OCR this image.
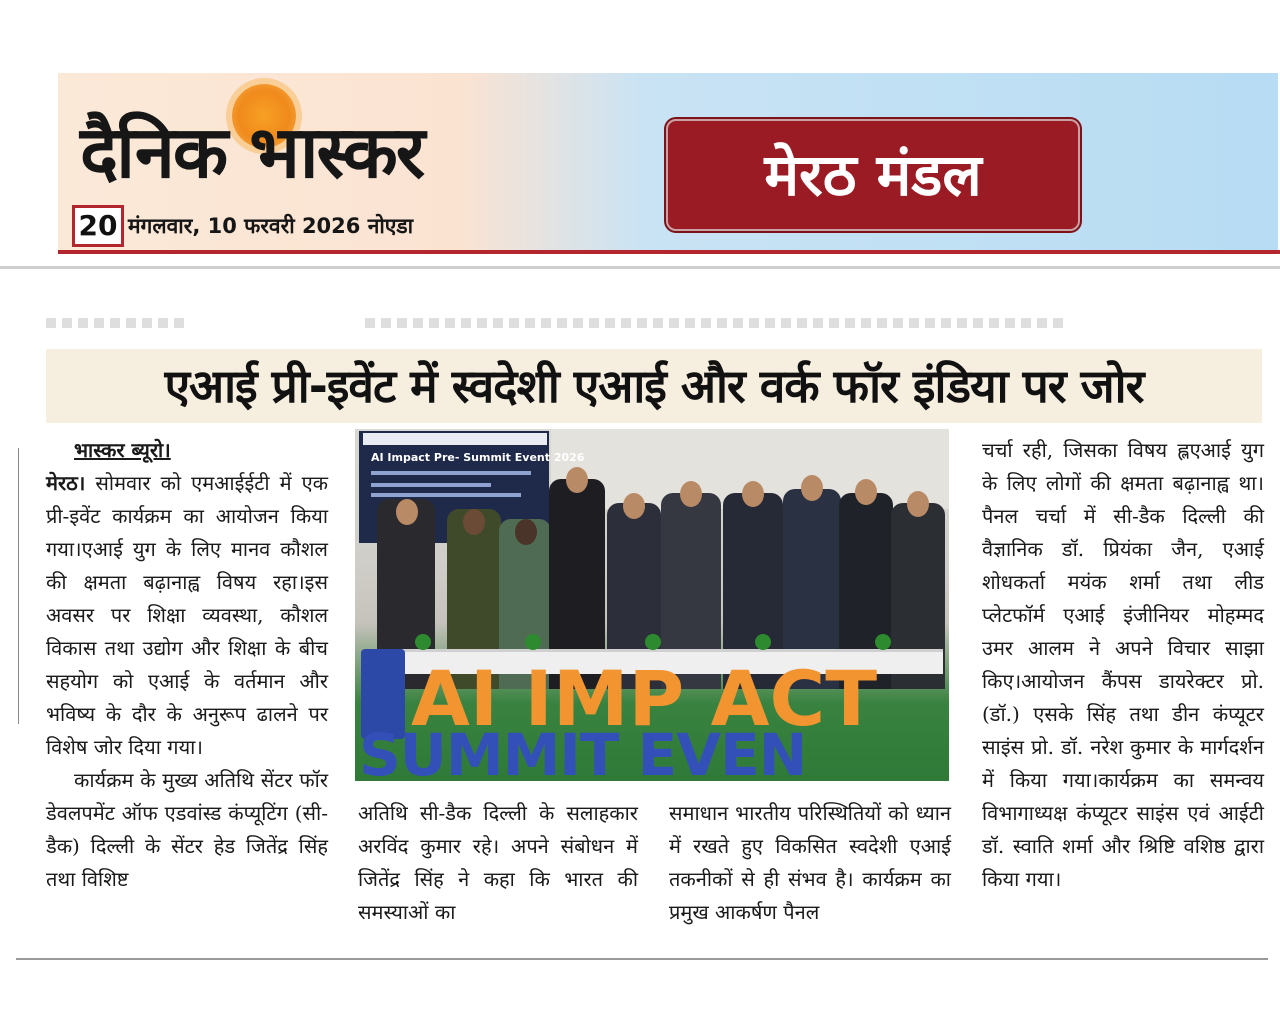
दैनिक भास्कर
20 मंगलवार, 10 फरवरी 2026 नोएडा
मेरठ मंडल
एआई प्री-इवेंट में स्वदेशी एआई और वर्क फॉर इंडिया पर जोर

भास्कर ब्यूरो।

मेरठ। सोमवार को एमआईईटी में एक प्री-इवेंट कार्यक्रम का आयोजन किया गया।एआई युग के लिए मानव कौशल की क्षमता बढ़ानाह्व विषय रहा।इस अवसर पर शिक्षा व्यवस्था, कौशल विकास तथा उद्योग और शिक्षा के बीच सहयोग को एआई के वर्तमान और भविष्य के दौर के अनुरूप ढालने पर विशेष जोर दिया गया।

कार्यक्रम के मुख्य अतिथि सेंटर फॉर डेवलपमेंट ऑफ एडवांस्ड कंप्यूटिंग (सी-डैक) दिल्ली के सेंटर हेड जितेंद्र सिंह तथा विशिष्ट

AI Impact Pre- Summit Event 2026
AI IMP ACT
SUMMIT EVEN

अतिथि सी-डैक दिल्ली के सलाहकार अरविंद कुमार रहे। अपने संबोधन में जितेंद्र सिंह ने कहा कि भारत की समस्याओं का

समाधान भारतीय परिस्थितियों को ध्यान में रखते हुए विकसित स्वदेशी एआई तकनीकों से ही संभव है। कार्यक्रम का प्रमुख आकर्षण पैनल

चर्चा रही, जिसका विषय ह्लएआई युग के लिए लोगों की क्षमता बढ़ानाह्व था।पैनल चर्चा में सी-डैक दिल्ली की वैज्ञानिक डॉ. प्रियंका जैन, एआई शोधकर्ता मयंक शर्मा तथा लीड प्लेटफॉर्म एआई इंजीनियर मोहम्मद उमर आलम ने अपने विचार साझा किए।आयोजन कैंपस डायरेक्टर प्रो. (डॉ.) एसके सिंह तथा डीन कंप्यूटर साइंस प्रो. डॉ. नरेश कुमार के मार्गदर्शन में किया गया।कार्यक्रम का समन्वय विभागाध्यक्ष कंप्यूटर साइंस एवं आईटी डॉ. स्वाति शर्मा और श्रिष्टि वशिष्ठ द्वारा किया गया।
